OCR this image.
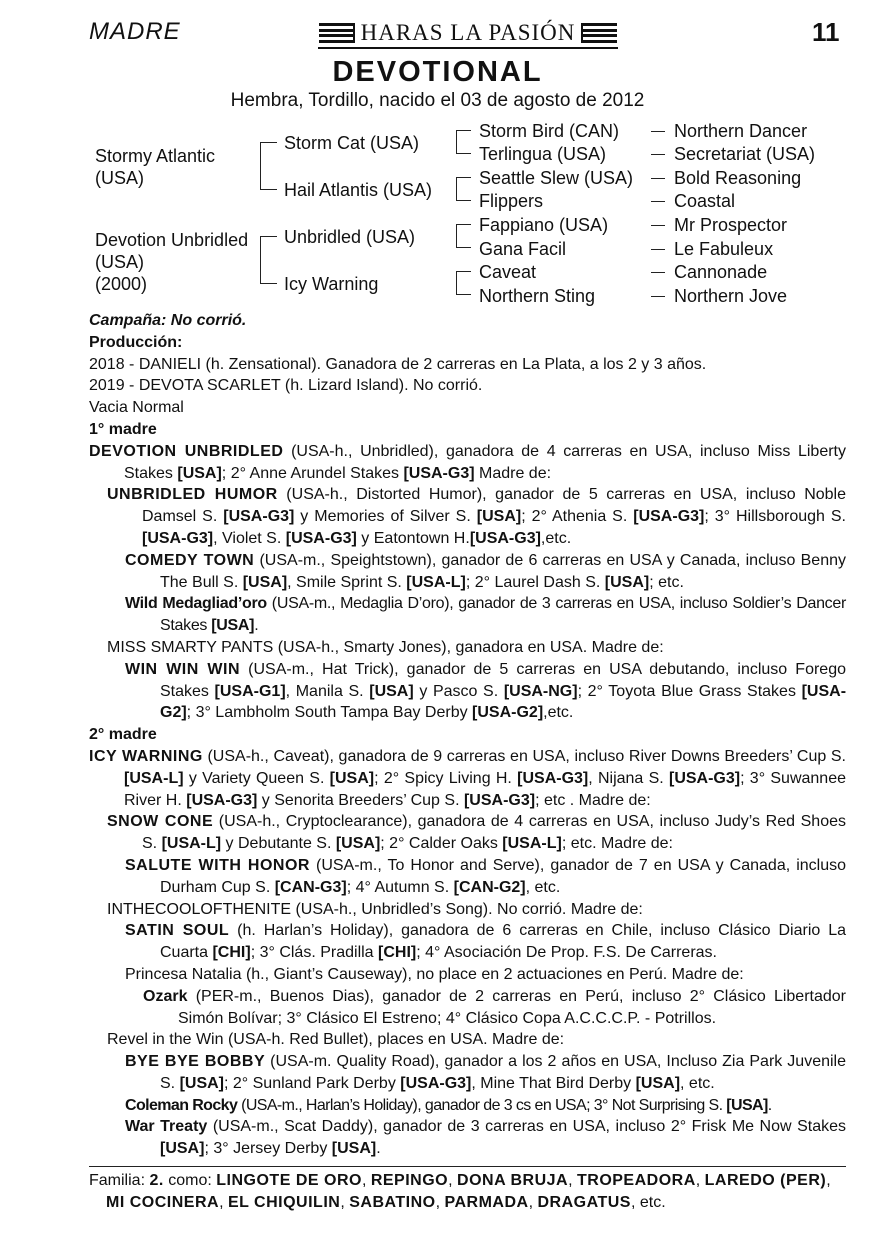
MADRE	HARAS LA PASIÓN	11
DEVOTIONAL
Hembra, Tordillo, nacido el 03 de agosto de 2012
Stormy Atlantic
(USA)
Devotion Unbridled
(USA)
(2000)
Storm Cat (USA)
Hail Atlantis (USA)
Unbridled (USA)
Icy Warning
Storm Bird (CAN)
Terlingua (USA)
Seattle Slew (USA)
Flippers
Fappiano (USA)
Gana Facil
Caveat
Northern Sting
Northern Dancer
Secretariat (USA)
Bold Reasoning
Coastal
Mr Prospector
Le Fabuleux
Cannonade
Northern Jove
Campaña: No corrió.
Producción:
2018 - DANIELI (h. Zensational). Ganadora de 2 carreras en La Plata, a los 2 y 3 años.
2019 - DEVOTA SCARLET (h. Lizard Island). No corrió.
Vacia Normal
1° madre
DEVOTION UNBRIDLED (USA-h., Unbridled), ganadora de 4 carreras en USA, incluso Miss Liberty Stakes [USA]; 2° Anne Arundel Stakes [USA-G3] Madre de:
UNBRIDLED HUMOR (USA-h., Distorted Humor), ganador de 5 carreras en USA, incluso Noble Damsel S. [USA-G3] y Memories of Silver S. [USA]; 2° Athenia S. [USA-G3]; 3° Hillsborough S. [USA-G3], Violet S. [USA-G3] y Eatontown H.[USA-G3],etc.
COMEDY TOWN (USA-m., Speightstown), ganador de 6 carreras en USA y Canada, incluso Benny The Bull S. [USA], Smile Sprint S. [USA-L]; 2° Laurel Dash S. [USA]; etc.
Wild Medagliad’oro (USA-m., Medaglia D’oro), ganador de 3 carreras en USA, incluso Soldier’s Dancer Stakes [USA].
MISS SMARTY PANTS (USA-h., Smarty Jones), ganadora en USA. Madre de:
WIN WIN WIN (USA-m., Hat Trick), ganador de 5 carreras en USA debutando, incluso Forego Stakes [USA-G1], Manila S. [USA] y Pasco S. [USA-NG]; 2° Toyota Blue Grass Stakes [USA-G2]; 3° Lambholm South Tampa Bay Derby [USA-G2],etc.
2° madre
ICY WARNING (USA-h., Caveat), ganadora de 9 carreras en USA, incluso River Downs Breeders’ Cup S. [USA-L] y Variety Queen S. [USA]; 2° Spicy Living H. [USA-G3], Nijana S. [USA-G3]; 3° Suwannee River H. [USA-G3] y Senorita Breeders’ Cup S. [USA-G3]; etc . Madre de:
SNOW CONE (USA-h., Cryptoclearance), ganadora de 4 carreras en USA, incluso Judy’s Red Shoes S. [USA-L] y Debutante S. [USA]; 2° Calder Oaks [USA-L]; etc. Madre de:
SALUTE WITH HONOR (USA-m., To Honor and Serve), ganador de 7 en USA y Canada, incluso Durham Cup S. [CAN-G3]; 4° Autumn S. [CAN-G2], etc.
INTHECOOLOFTHENITE (USA-h., Unbridled’s Song). No corrió. Madre de:
SATIN SOUL (h. Harlan’s Holiday), ganadora de 6 carreras en Chile, incluso Clásico Diario La Cuarta [CHI]; 3° Clás. Pradilla [CHI]; 4° Asociación De Prop. F.S. De Carreras.
Princesa Natalia (h., Giant’s Causeway), no place en 2 actuaciones en Perú. Madre de:
Ozark (PER-m., Buenos Dias), ganador de 2 carreras en Perú, incluso 2° Clásico Libertador Simón Bolívar; 3° Clásico El Estreno; 4° Clásico Copa A.C.C.C.P. - Potrillos.
Revel in the Win (USA-h. Red Bullet), places en USA. Madre de:
BYE BYE BOBBY (USA-m. Quality Road), ganador a los 2 años en USA, Incluso Zia Park Juvenile S. [USA]; 2° Sunland Park Derby [USA-G3], Mine That Bird Derby [USA], etc.
Coleman Rocky (USA-m., Harlan’s Holiday), ganador de 3 cs en USA; 3° Not Surprising S. [USA].
War Treaty (USA-m., Scat Daddy), ganador de 3 carreras en USA, incluso 2° Frisk Me Now Stakes [USA]; 3° Jersey Derby [USA].
Familia: 2. como: LINGOTE DE ORO, REPINGO, DONA BRUJA, TROPEADORA, LAREDO (PER), MI COCINERA, EL CHIQUILIN, SABATINO, PARMADA, DRAGATUS, etc.
